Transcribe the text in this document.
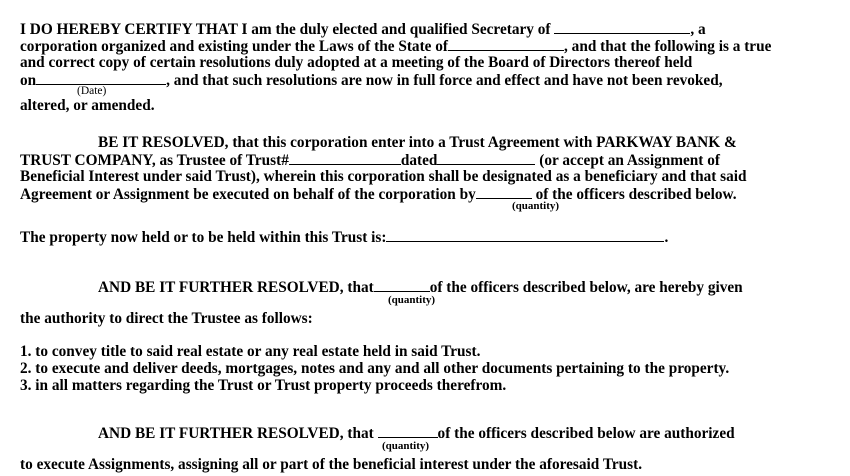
I DO HEREBY CERTIFY THAT I am the duly elected and qualified Secretary of	, a
corporation organized and existing under the Laws of the State of	, and that the following is a true
and correct copy of certain resolutions duly adopted at a meeting of the Board of Directors thereof held
on	, and that such resolutions are now in full force and effect and have not been revoked,
(Date)
altered, or amended.
BE IT RESOLVED, that this corporation enter into a Trust Agreement with PARKWAY BANK &
TRUST COMPANY, as Trustee of Trust#	dated	(or accept an Assignment of
Beneficial Interest under said Trust), wherein this corporation shall be designated as a beneficiary and that said
Agreement or Assignment be executed on behalf of the corporation by	of the officers described below.
(quantity)
The property now held or to be held within this Trust is:	.
AND BE IT FURTHER RESOLVED, that	of the officers described below, are hereby given
(quantity)
the authority to direct the Trustee as follows:
1. to convey title to said real estate or any real estate held in said Trust.
2. to execute and deliver deeds, mortgages, notes and any and all other documents pertaining to the property.
3. in all matters regarding the Trust or Trust property proceeds therefrom.
AND BE IT FURTHER RESOLVED, that	of the officers described below are authorized
(quantity)
to execute Assignments, assigning all or part of the beneficial interest under the aforesaid Trust.
